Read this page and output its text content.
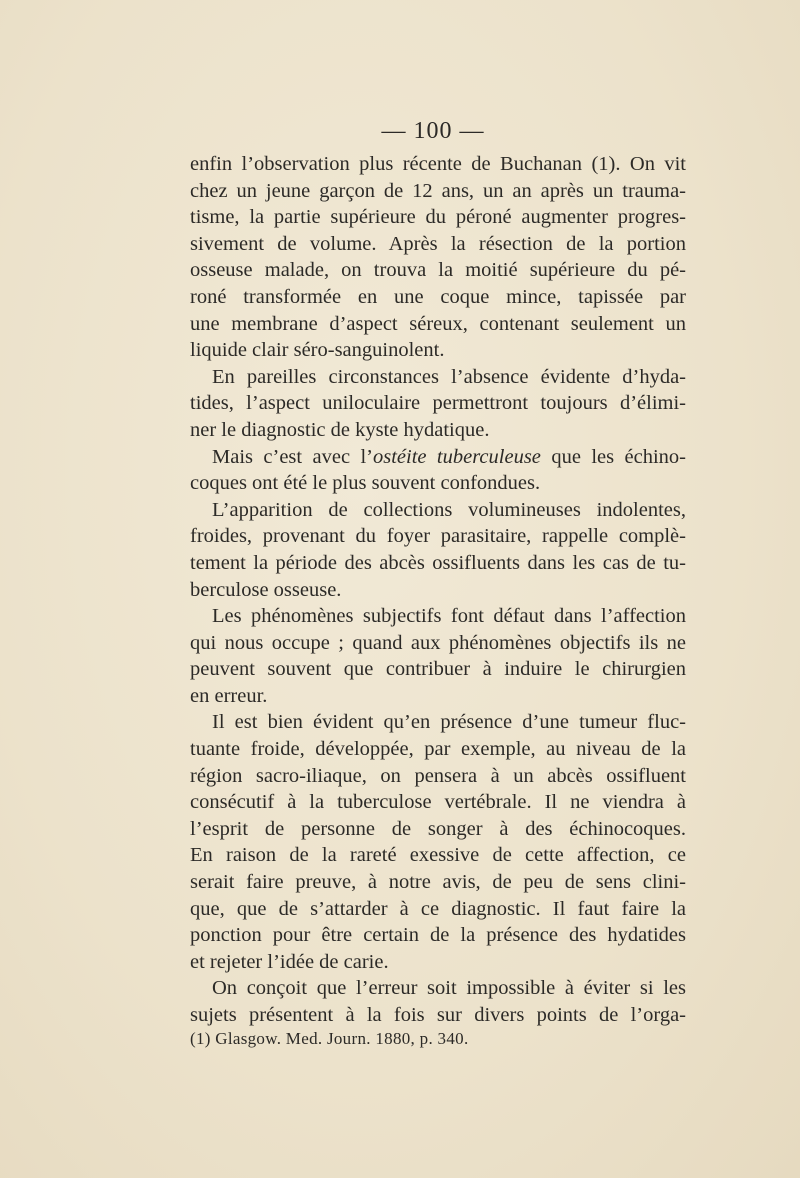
— 100 —
enfin l’observation plus récente de Buchanan (1). On vit
chez un jeune garçon de 12 ans, un an après un trauma-
tisme, la partie supérieure du péroné augmenter progres-
sivement de volume. Après la résection de la portion
osseuse malade, on trouva la moitié supérieure du pé-
roné transformée en une coque mince, tapissée par
une membrane d’aspect séreux, contenant seulement un
liquide clair séro-sanguinolent.
En pareilles circonstances l’absence évidente d’hyda-
tides, l’aspect uniloculaire permettront toujours d’élimi-
ner le diagnostic de kyste hydatique.
Mais c’est avec l’ostéite tuberculeuse que les échino-
coques ont été le plus souvent confondues.
L’apparition de collections volumineuses indolentes,
froides, provenant du foyer parasitaire, rappelle complè-
tement la période des abcès ossifluents dans les cas de tu-
berculose osseuse.
Les phénomènes subjectifs font défaut dans l’affection
qui nous occupe ; quand aux phénomènes objectifs ils ne
peuvent souvent que contribuer à induire le chirurgien
en erreur.
Il est bien évident qu’en présence d’une tumeur fluc-
tuante froide, développée, par exemple, au niveau de la
région sacro-iliaque, on pensera à un abcès ossifluent
consécutif à la tuberculose vertébrale. Il ne viendra à
l’esprit de personne de songer à des échinocoques.
En raison de la rareté exessive de cette affection, ce
serait faire preuve, à notre avis, de peu de sens clini-
que, que de s’attarder à ce diagnostic. Il faut faire la
ponction pour être certain de la présence des hydatides
et rejeter l’idée de carie.
On conçoit que l’erreur soit impossible à éviter si les
sujets présentent à la fois sur divers points de l’orga-
(1) Glasgow. Med. Journ. 1880, p. 340.
